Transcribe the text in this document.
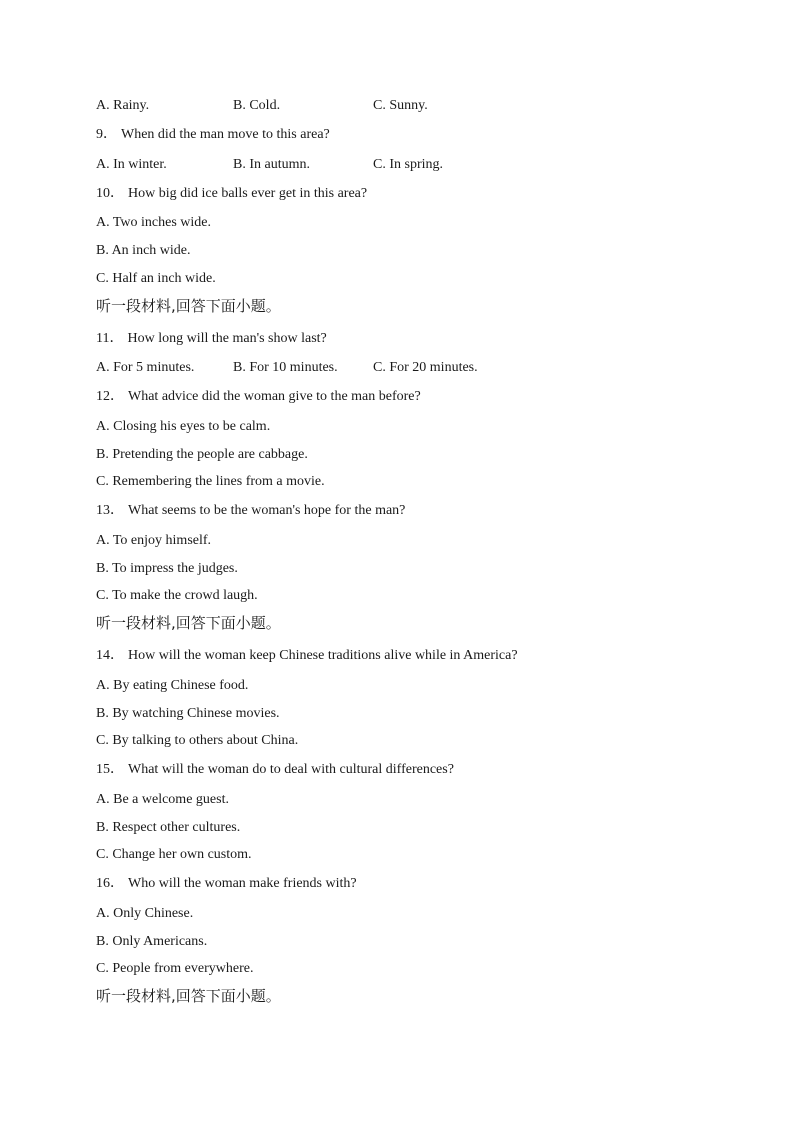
A. Rainy.	B. Cold.	C. Sunny.
9． When did the man move to this area?
A. In winter.	B. In autumn.	C. In spring.
10． How big did ice balls ever get in this area?
A. Two inches wide.
B. An inch wide.
C. Half an inch wide.
听一段材料,回答下面小题。
11． How long will the man's show last?
A. For 5 minutes.	B. For 10 minutes.	C. For 20 minutes.
12． What advice did the woman give to the man before?
A. Closing his eyes to be calm.
B. Pretending the people are cabbage.
C. Remembering the lines from a movie.
13． What seems to be the woman's hope for the man?
A. To enjoy himself.
B. To impress the judges.
C. To make the crowd laugh.
听一段材料,回答下面小题。
14． How will the woman keep Chinese traditions alive while in America?
A. By eating Chinese food.
B. By watching Chinese movies.
C. By talking to others about China.
15． What will the woman do to deal with cultural differences?
A. Be a welcome guest.
B. Respect other cultures.
C. Change her own custom.
16． Who will the woman make friends with?
A. Only Chinese.
B. Only Americans.
C. People from everywhere.
听一段材料,回答下面小题。
